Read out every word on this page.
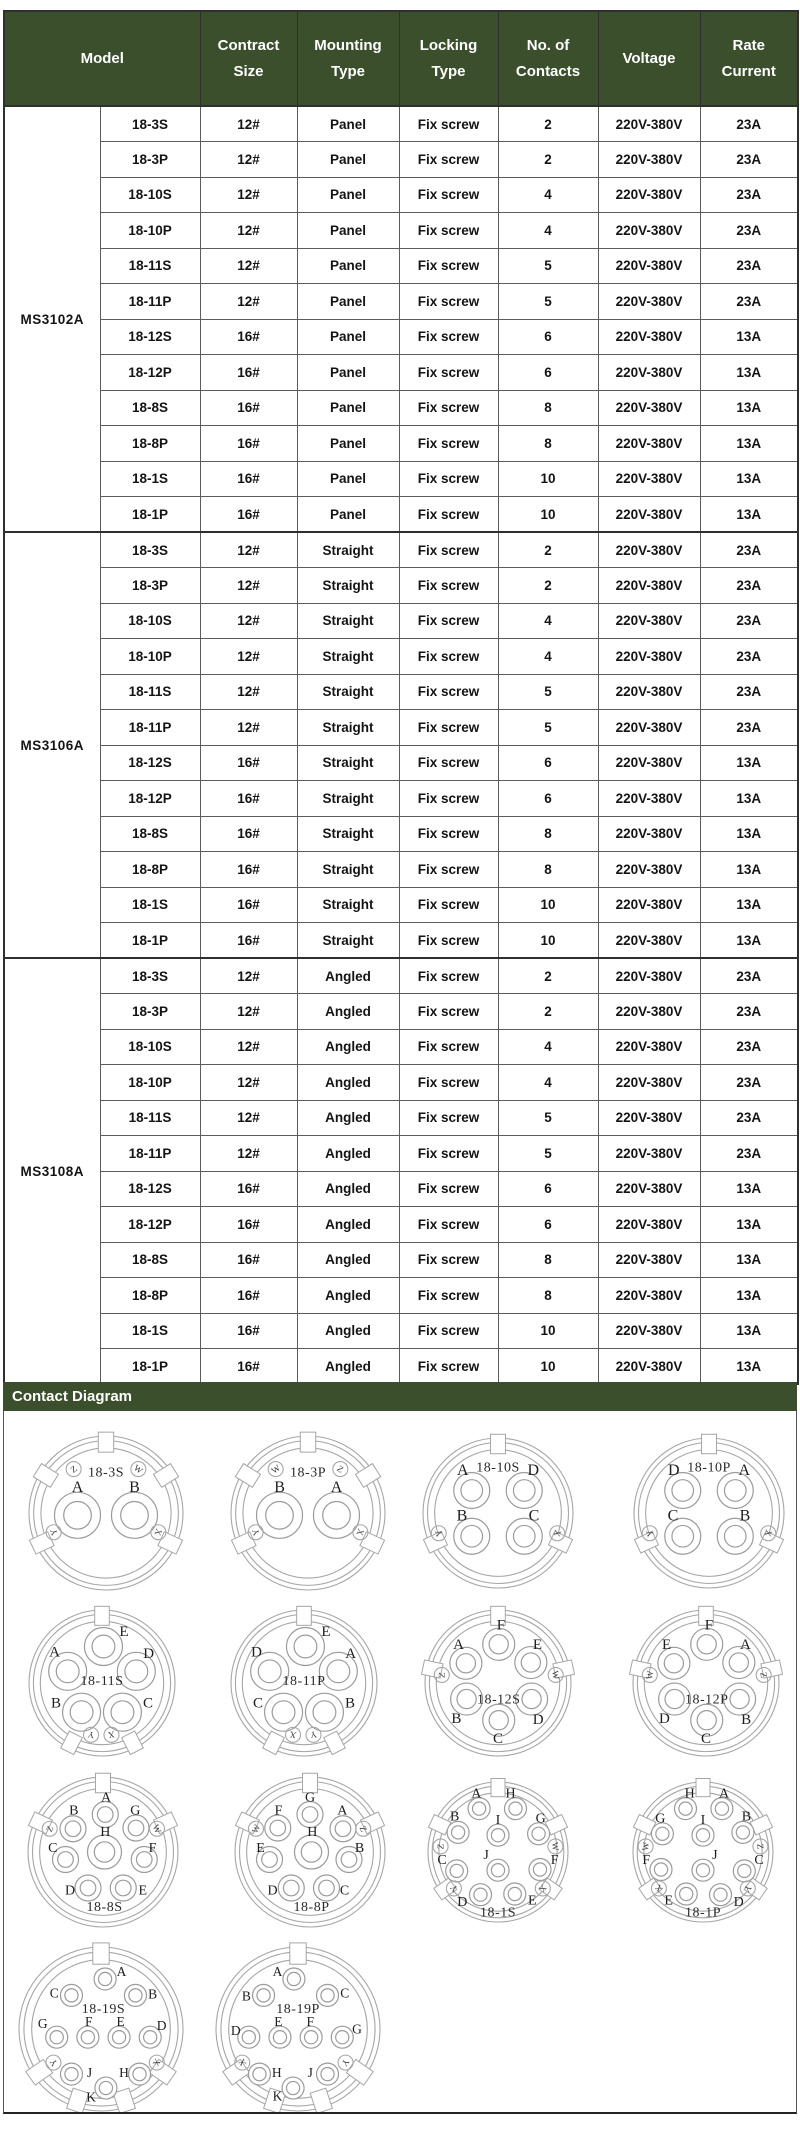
Model		Contract Size	Mounting Type	Locking Type	No. of Contacts	Voltage	Rate Current
MS3102A	18-3S	12#	Panel	Fix screw	2	220V-380V	23A
	18-3P	12#	Panel	Fix screw	2	220V-380V	23A
	18-10S	12#	Panel	Fix screw	4	220V-380V	23A
	18-10P	12#	Panel	Fix screw	4	220V-380V	23A
	18-11S	12#	Panel	Fix screw	5	220V-380V	23A
	18-11P	12#	Panel	Fix screw	5	220V-380V	23A
	18-12S	16#	Panel	Fix screw	6	220V-380V	13A
	18-12P	16#	Panel	Fix screw	6	220V-380V	13A
	18-8S	16#	Panel	Fix screw	8	220V-380V	13A
	18-8P	16#	Panel	Fix screw	8	220V-380V	13A
	18-1S	16#	Panel	Fix screw	10	220V-380V	13A
	18-1P	16#	Panel	Fix screw	10	220V-380V	13A
MS3106A	18-3S	12#	Straight	Fix screw	2	220V-380V	23A
	18-3P	12#	Straight	Fix screw	2	220V-380V	23A
	18-10S	12#	Straight	Fix screw	4	220V-380V	23A
	18-10P	12#	Straight	Fix screw	4	220V-380V	23A
	18-11S	12#	Straight	Fix screw	5	220V-380V	23A
	18-11P	12#	Straight	Fix screw	5	220V-380V	23A
	18-12S	16#	Straight	Fix screw	6	220V-380V	13A
	18-12P	16#	Straight	Fix screw	6	220V-380V	13A
	18-8S	16#	Straight	Fix screw	8	220V-380V	13A
	18-8P	16#	Straight	Fix screw	8	220V-380V	13A
	18-1S	16#	Straight	Fix screw	10	220V-380V	13A
	18-1P	16#	Straight	Fix screw	10	220V-380V	13A
MS3108A	18-3S	12#	Angled	Fix screw	2	220V-380V	23A
	18-3P	12#	Angled	Fix screw	2	220V-380V	23A
	18-10S	12#	Angled	Fix screw	4	220V-380V	23A
	18-10P	12#	Angled	Fix screw	4	220V-380V	23A
	18-11S	12#	Angled	Fix screw	5	220V-380V	23A
	18-11P	12#	Angled	Fix screw	5	220V-380V	23A
	18-12S	16#	Angled	Fix screw	6	220V-380V	13A
	18-12P	16#	Angled	Fix screw	6	220V-380V	13A
	18-8S	16#	Angled	Fix screw	8	220V-380V	13A
	18-8P	16#	Angled	Fix screw	8	220V-380V	13A
	18-1S	16#	Angled	Fix screw	10	220V-380V	13A
	18-1P	16#	Angled	Fix screw	10	220V-380V	13A
Contact Diagram
A	B
Z	W
Y	X
18-3S
B	A
W	Z
Y	X
18-3P	A	D
B	C
Y	X
18-10S	D	A
C	B
Y	X
18-10P
E
A	D
B	C
Y X
18-11S
E
D	A
C	B
X Y
18-11P
F
A	E
B	D
C
Z	W
18-12S
F
E	A
D	B
C
W	Z
18-12P
A
B	G
H
C	F
D	E
Z	W
18-8S
G
F	A
H
E	B
D	C
W	Z
18-8P
A H
B	I	G
C	J	F
D	E
Z	W
Y	X
18-1S
H A
G	I	B
F	J	C
E	D
W	Z
X	Y
18-1P
A
C	B
G	F E D
J H
K
Y	X
18-19S
A
B	C
D
E F	G
H J
K
X	Y
18-19P
